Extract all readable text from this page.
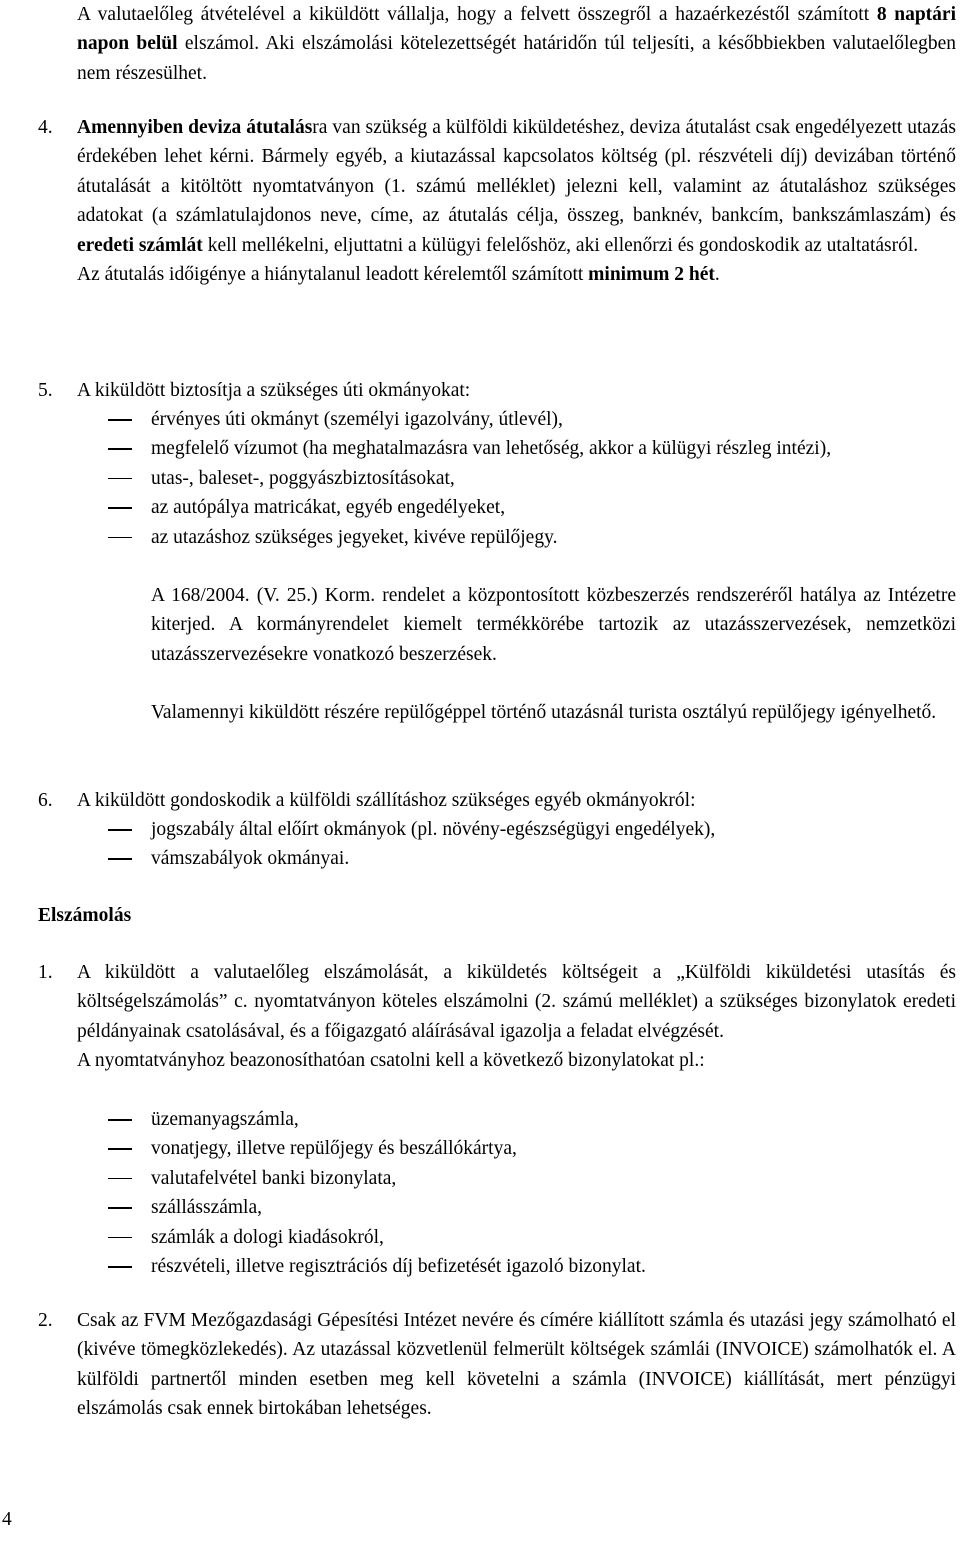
A valutaelőleg átvételével a kiküldött vállalja, hogy a felvett összegről a hazaérkezéstől számított 8 naptári napon belül elszámol. Aki elszámolási kötelezettségét határidőn túl teljesíti, a későbbiekben valutaelőlegben nem részesülhet.

4. Amennyiben deviza átutalásra van szükség a külföldi kiküldetéshez, deviza átutalást csak engedélyezett utazás érdekében lehet kérni. Bármely egyéb, a kiutazással kapcsolatos költség (pl. részvételi díj) devizában történő átutalását a kitöltött nyomtatványon (1. számú melléklet) jelezni kell, valamint az átutaláshoz szükséges adatokat (a számlatulajdonos neve, címe, az átutalás célja, összeg, banknév, bankcím, bankszámlaszám) és eredeti számlát kell mellékelni, eljuttatni a külügyi felelőshöz, aki ellenőrzi és gondoskodik az utaltatásról.

Az átutalás időigénye a hiánytalanul leadott kérelemtől számított minimum 2 hét.

5. A kiküldött biztosítja a szükséges úti okmányokat:

érvényes úti okmányt (személyi igazolvány, útlevél),
megfelelő vízumot (ha meghatalmazásra van lehetőség, akkor a külügyi részleg intézi),
utas-, baleset-, poggyászbiztosításokat,
az autópálya matricákat, egyéb engedélyeket,
az utazáshoz szükséges jegyeket, kivéve repülőjegy.

A 168/2004. (V. 25.) Korm. rendelet a központosított közbeszerzés rendszeréről hatálya az Intézetre kiterjed. A kormányrendelet kiemelt termékkörébe tartozik az utazásszervezések, nemzetközi utazásszervezésekre vonatkozó beszerzések.

Valamennyi kiküldött részére repülőgéppel történő utazásnál turista osztályú repülőjegy igényelhető.

6. A kiküldött gondoskodik a külföldi szállításhoz szükséges egyéb okmányokról:

jogszabály által előírt okmányok (pl. növény-egészségügyi engedélyek),
vámszabályok okmányai.

Elszámolás

1. A kiküldött a valutaelőleg elszámolását, a kiküldetés költségeit a „Külföldi kiküldetési utasítás és költségelszámolás” c. nyomtatványon köteles elszámolni (2. számú melléklet) a szükséges bizonylatok eredeti példányainak csatolásával, és a főigazgató aláírásával igazolja a feladat elvégzését.

A nyomtatványhoz beazonosíthatóan csatolni kell a következő bizonylatokat pl.:

üzemanyagszámla,
vonatjegy, illetve repülőjegy és beszállókártya,
valutafelvétel banki bizonylata,
szállásszámla,
számlák a dologi kiadásokról,
részvételi, illetve regisztrációs díj befizetését igazoló bizonylat.
2. Csak az FVM Mezőgazdasági Gépesítési Intézet nevére és címére kiállított számla és utazási jegy számolható el (kivéve tömegközlekedés). Az utazással közvetlenül felmerült költségek számlái (INVOICE) számolhatók el. A külföldi partnertől minden esetben meg kell követelni a számla (INVOICE) kiállítását, mert pénzügyi elszámolás csak ennek birtokában lehetséges.

4
